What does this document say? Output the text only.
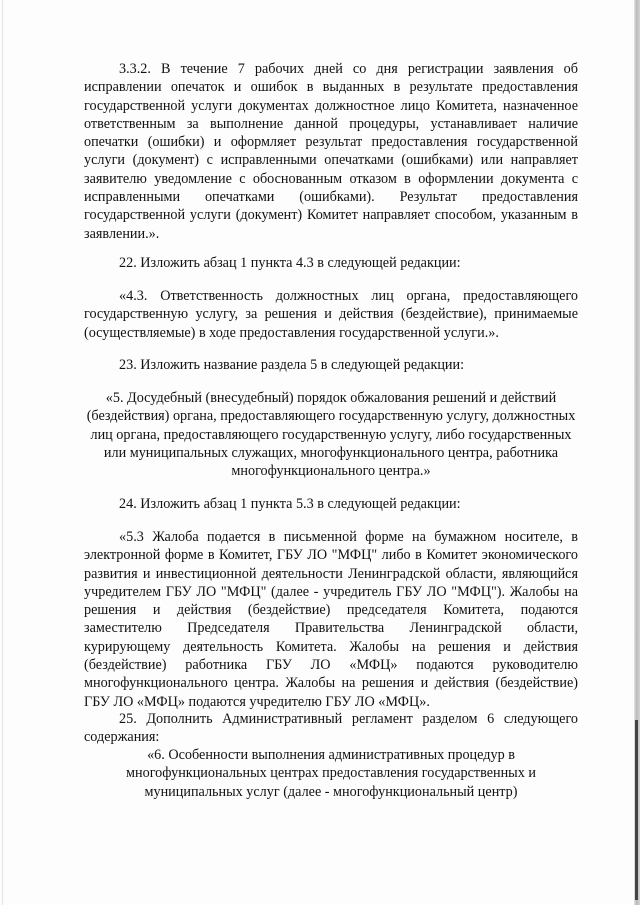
3.3.2. В течение 7 рабочих дней со дня регистрации заявления об исправлении опечаток и ошибок в выданных в результате предоставления государственной услуги документах должностное лицо Комитета, назначенное ответственным за выполнение данной процедуры, устанавливает наличие опечатки (ошибки) и оформляет результат предоставления государственной услуги (документ) с исправленными опечатками (ошибками) или направляет заявителю уведомление с обоснованным отказом в оформлении документа с исправленными опечатками (ошибками). Результат предоставления государственной услуги (документ) Комитет направляет способом, указанным в заявлении.».

22. Изложить абзац 1 пункта 4.3 в следующей редакции:

«4.3. Ответственность должностных лиц органа, предоставляющего государственную услугу, за решения и действия (бездействие), принимаемые (осуществляемые) в ходе предоставления государственной услуги.».

23. Изложить название раздела 5 в следующей редакции:

«5. Досудебный (внесудебный) порядок обжалования решений и действий (бездействия) органа, предоставляющего государственную услугу, должностных лиц органа, предоставляющего государственную услугу, либо государственных или муниципальных служащих, многофункционального центра, работника многофункционального центра.»

24. Изложить абзац 1 пункта 5.3 в следующей редакции:

«5.3 Жалоба подается в письменной форме на бумажном носителе, в электронной форме в Комитет, ГБУ ЛО "МФЦ" либо в Комитет экономического развития и инвестиционной деятельности Ленинградской области, являющийся учредителем ГБУ ЛО "МФЦ" (далее - учредитель ГБУ ЛО "МФЦ"). Жалобы на решения и действия (бездействие) председателя Комитета, подаются заместителю Председателя Правительства Ленинградской области, курирующему деятельность Комитета. Жалобы на решения и действия (бездействие) работника ГБУ ЛО «МФЦ» подаются руководителю многофункционального центра. Жалобы на решения и действия (бездействие) ГБУ ЛО «МФЦ» подаются учредителю ГБУ ЛО «МФЦ».

25. Дополнить Административный регламент разделом 6 следующего содержания:

«6. Особенности выполнения административных процедур в многофункциональных центрах предоставления государственных и муниципальных услуг (далее - многофункциональный центр)
